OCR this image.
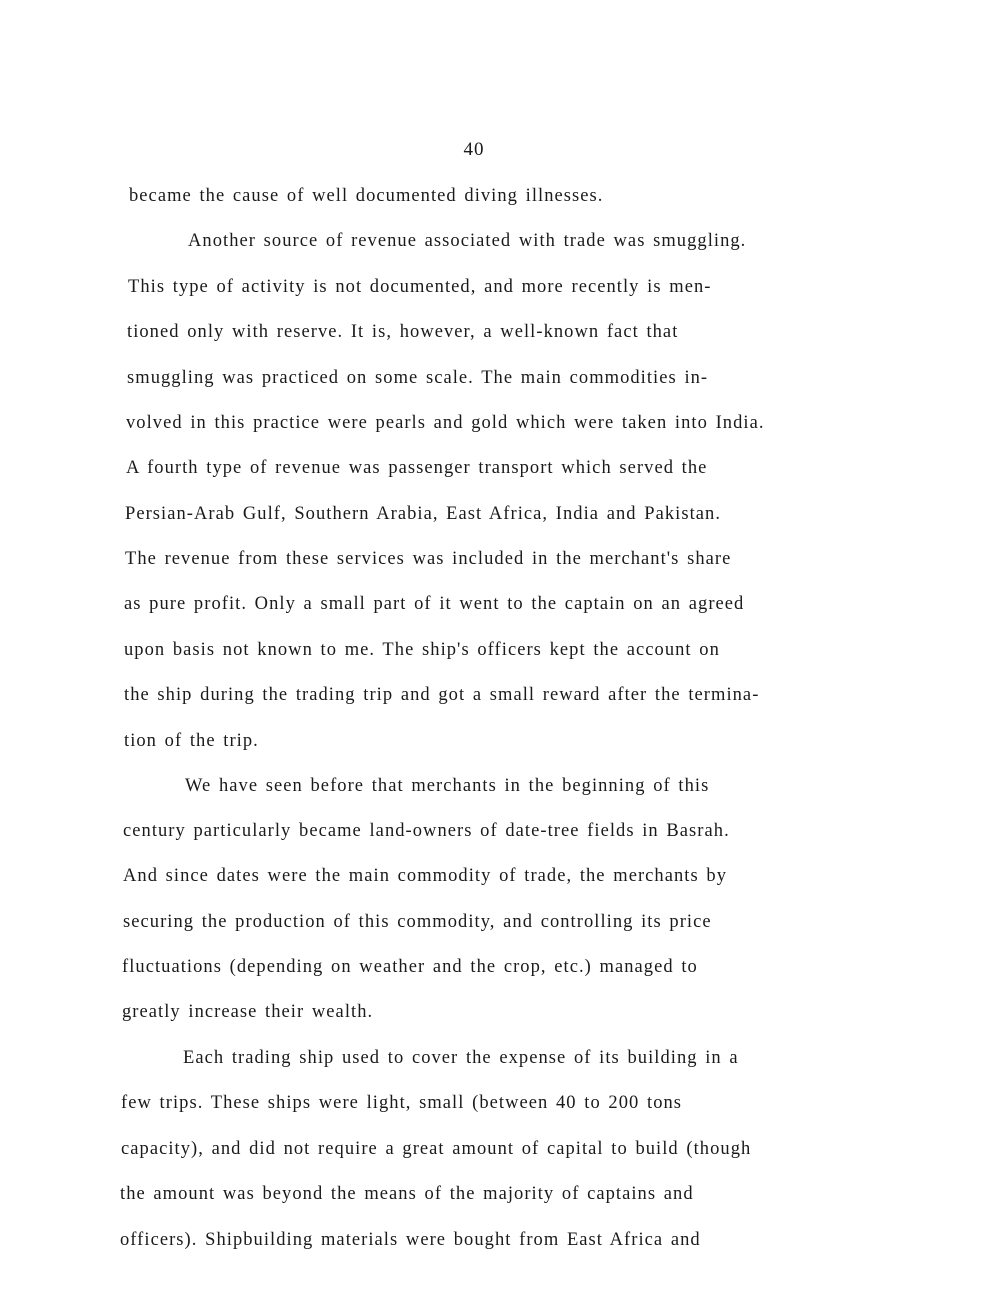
40
became the cause of well documented diving illnesses.
Another source of revenue associated with trade was smuggling.
This type of activity is not documented, and more recently is men-
tioned only with reserve. It is, however, a well-known fact that
smuggling was practiced on some scale. The main commodities in-
volved in this practice were pearls and gold which were taken into India.
A fourth type of revenue was passenger transport which served the
Persian-Arab Gulf, Southern Arabia, East Africa, India and Pakistan.
The revenue from these services was included in the merchant's share
as pure profit. Only a small part of it went to the captain on an agreed
upon basis not known to me. The ship's officers kept the account on
the ship during the trading trip and got a small reward after the termina-
tion of the trip.
We have seen before that merchants in the beginning of this
century particularly became land-owners of date-tree fields in Basrah.
And since dates were the main commodity of trade, the merchants by
securing the production of this commodity, and controlling its price
fluctuations (depending on weather and the crop, etc.) managed to
greatly increase their wealth.
Each trading ship used to cover the expense of its building in a
few trips. These ships were light, small (between 40 to 200 tons
capacity), and did not require a great amount of capital to build (though
the amount was beyond the means of the majority of captains and
officers). Shipbuilding materials were bought from East Africa and
